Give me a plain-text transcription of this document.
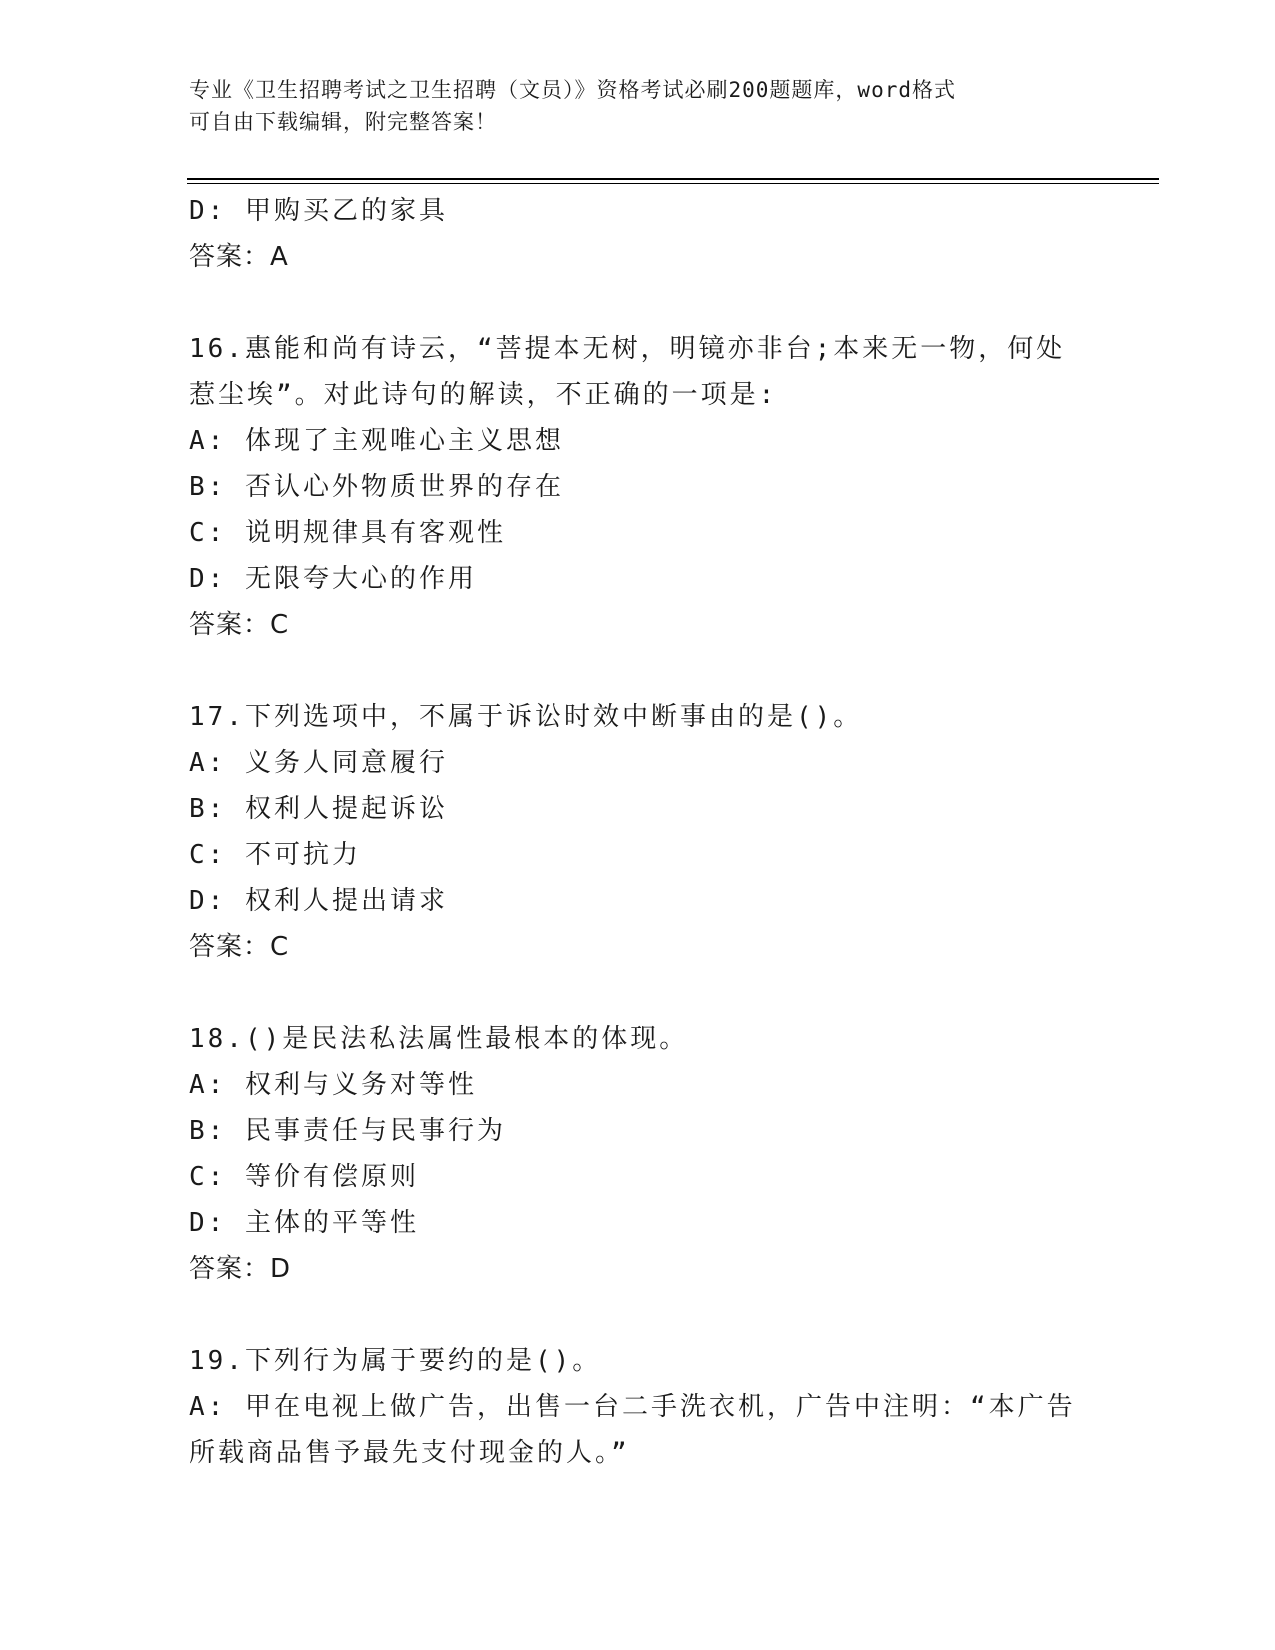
专业《卫生招聘考试之卫生招聘（文员）》资格考试必刷200题题库，word格式
可自由下载编辑，附完整答案！
D: 甲购买乙的家具
答案：A
16.惠能和尚有诗云，“菩提本无树，明镜亦非台;本来无一物，何处
惹尘埃”。对此诗句的解读，不正确的一项是:
A: 体现了主观唯心主义思想
B: 否认心外物质世界的存在
C: 说明规律具有客观性
D: 无限夸大心的作用
答案：C
17.下列选项中，不属于诉讼时效中断事由的是()。
A: 义务人同意履行
B: 权利人提起诉讼
C: 不可抗力
D: 权利人提出请求
答案：C
18.()是民法私法属性最根本的体现。
A: 权利与义务对等性
B: 民事责任与民事行为
C: 等价有偿原则
D: 主体的平等性
答案：D
19.下列行为属于要约的是()。
A: 甲在电视上做广告，出售一台二手洗衣机，广告中注明：“本广告
所载商品售予最先支付现金的人。”
